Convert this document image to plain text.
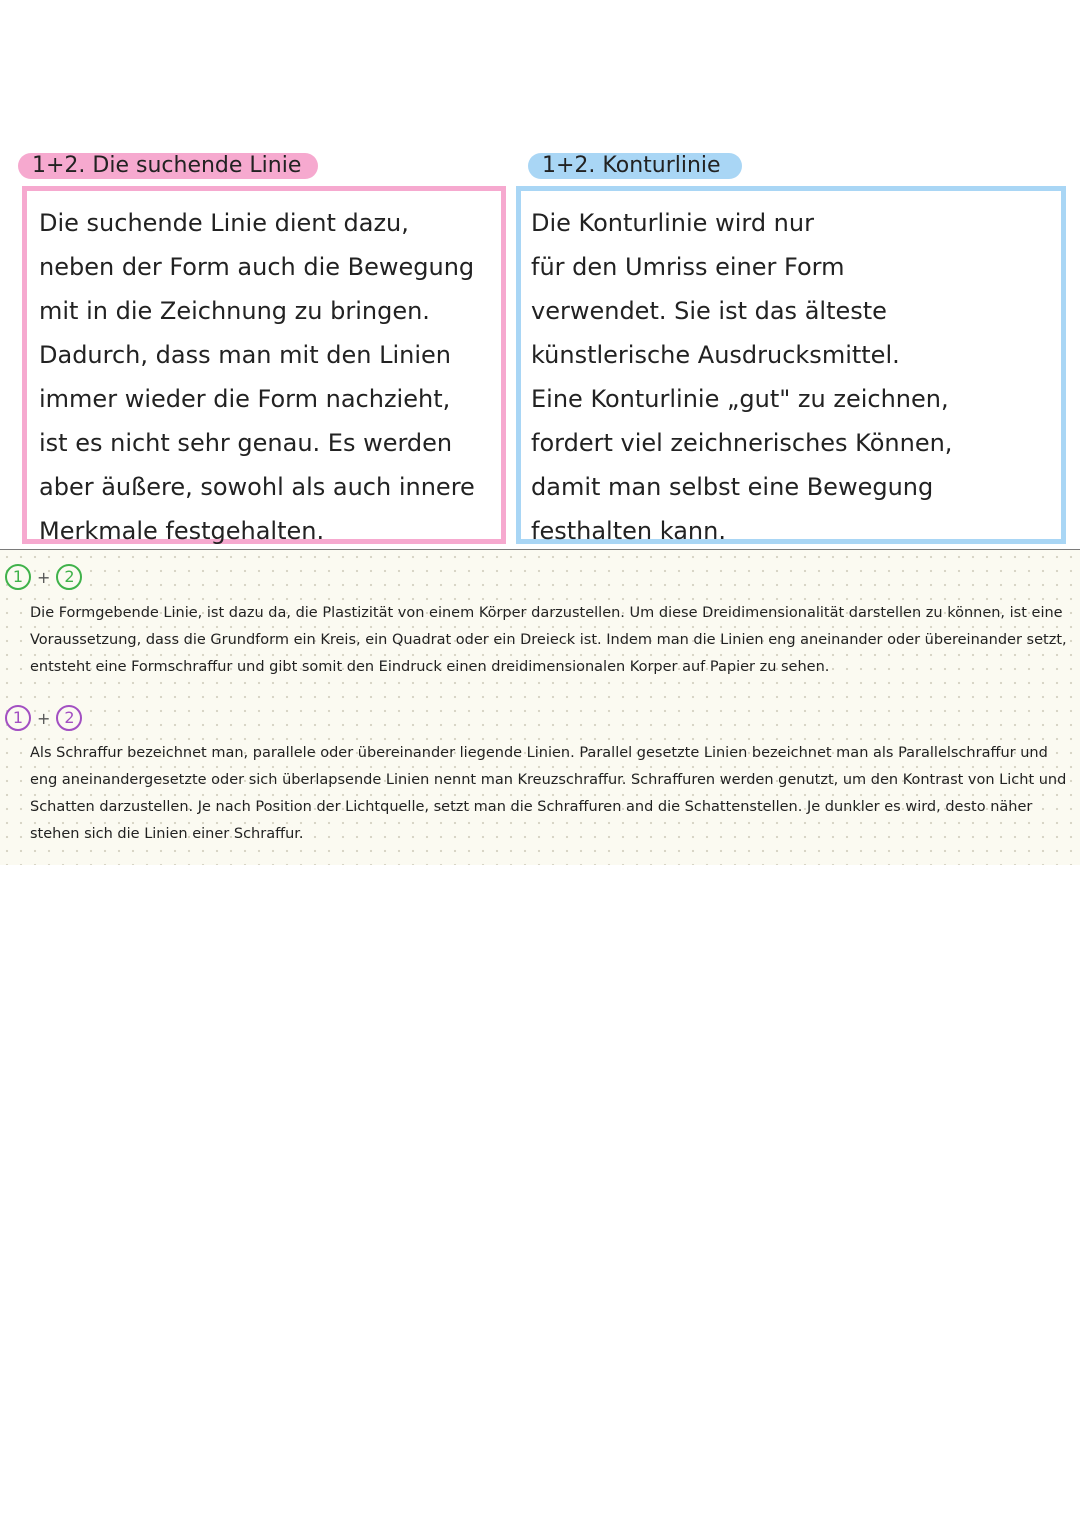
1+2. Die suchende Linie
Die suchende Linie dient dazu,
neben der Form auch die Bewegung
mit in die Zeichnung zu bringen.
Dadurch, dass man mit den Linien
immer wieder die Form nachzieht,
ist es nicht sehr genau. Es werden
aber äußere, sowohl als auch innere
Merkmale festgehalten.
1+2. Konturlinie
Die Konturlinie wird nur
für den Umriss einer Form
verwendet. Sie ist das älteste
künstlerische Ausdrucksmittel.
Eine Konturlinie „gut" zu zeichnen,
fordert viel zeichnerisches Können,
damit man selbst eine Bewegung
festhalten kann.
1 + 2
Die Formgebende Linie, ist dazu da, die Plastizität von einem Körper darzustellen. Um diese Dreidimensionalität darstellen zu können, ist eine Voraussetzung, dass die Grundform ein Kreis, ein Quadrat oder ein Dreieck ist. Indem man die Linien eng aneinander oder übereinander setzt, entsteht eine Formschraffur und gibt somit den Eindruck einen dreidimensionalen Korper auf Papier zu sehen.
1 + 2
Als Schraffur bezeichnet man, parallele oder übereinander liegende Linien. Parallel gesetzte Linien bezeichnet man als Parallelschraffur und eng aneinandergesetzte oder sich überlapsende Linien nennt man Kreuzschraffur. Schraffuren werden genutzt, um den Kontrast von Licht und Schatten darzustellen. Je nach Position der Lichtquelle, setzt man die Schraffuren and die Schattenstellen. Je dunkler es wird, desto näher stehen sich die Linien einer Schraffur.
